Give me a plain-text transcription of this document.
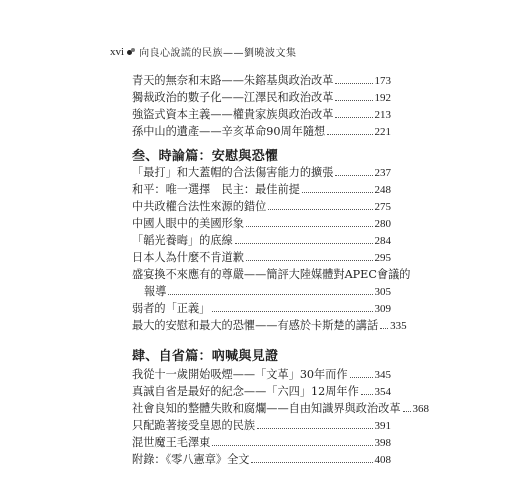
xvi 向良心說謊的民族——劉曉波文集
青天的無奈和末路——朱鎔基與政治改革	173
獨裁政治的數子化——江澤民和政治改革	192
強盜式資本主義——權貴家族與政治改革	213
孫中山的遺產——辛亥革命90周年隨想	221
叁、時論篇：安慰與恐懼
「最打」和大蓋帽的合法傷害能力的擴張	237
和平：唯一選擇　民主：最佳前提	248
中共政權合法性來源的錯位	275
中國人眼中的美國形象	280
「韜光養晦」的底線	284
日本人為什麼不肯道歉	295
盛宴換不來應有的尊嚴——簡評大陸媒體對APEC會議的
報導	305
弱者的「正義」	309
最大的安慰和最大的恐懼——有感於卡斯楚的講話 335
肆、自省篇：吶喊與見證
我從十一歲開始吸煙——「文革」30年而作 345
真誠自省是最好的紀念——「六四」12周年作 354
社會良知的整體失敗和腐爛——自由知識界與政治改革 368
只配跪著接受皇恩的民族	391
混世魔王毛澤東	398
附錄：《零八憲章》全文	408
